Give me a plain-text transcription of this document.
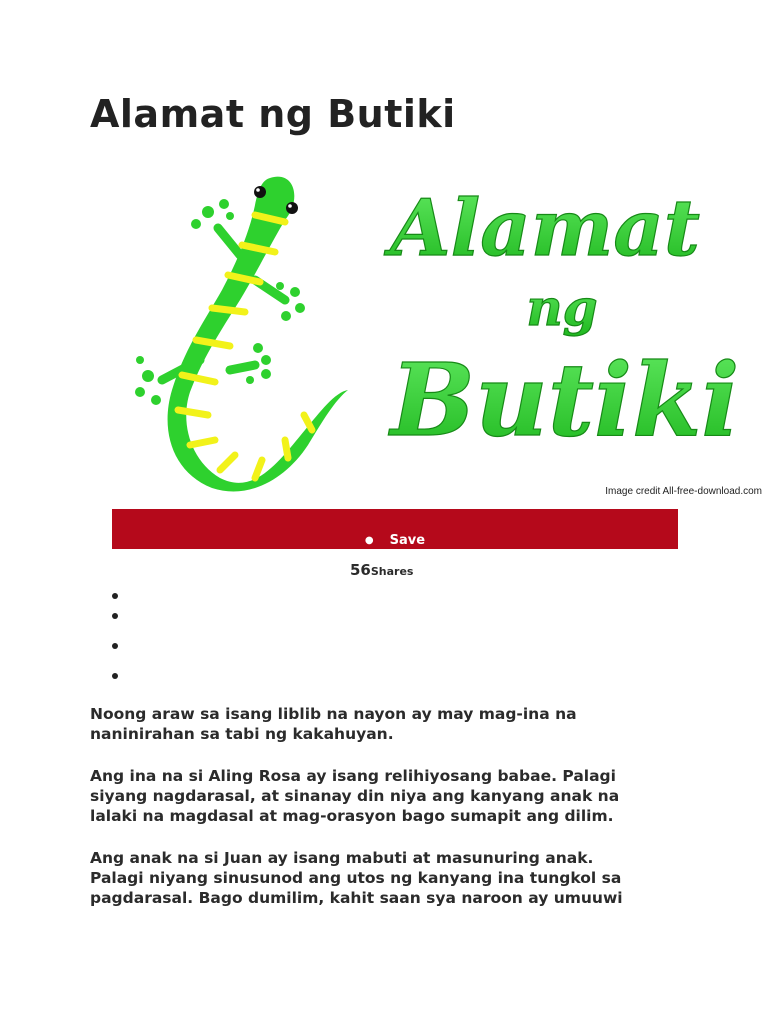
Alamat ng Butiki
Alamat
ng
Butiki
Image credit All-free-download.com
● Save
56Shares
Noong araw sa isang liblib na nayon ay may mag-ina na
naninirahan sa tabi ng kakahuyan.
Ang ina na si Aling Rosa ay isang relihiyosang babae. Palagi
siyang nagdarasal, at sinanay din niya ang kanyang anak na
lalaki na magdasal at mag-orasyon bago sumapit ang dilim.
Ang anak na si Juan ay isang mabuti at masunuring anak.
Palagi niyang sinusunod ang utos ng kanyang ina tungkol sa
pagdarasal. Bago dumilim, kahit saan sya naroon ay umuuwi
